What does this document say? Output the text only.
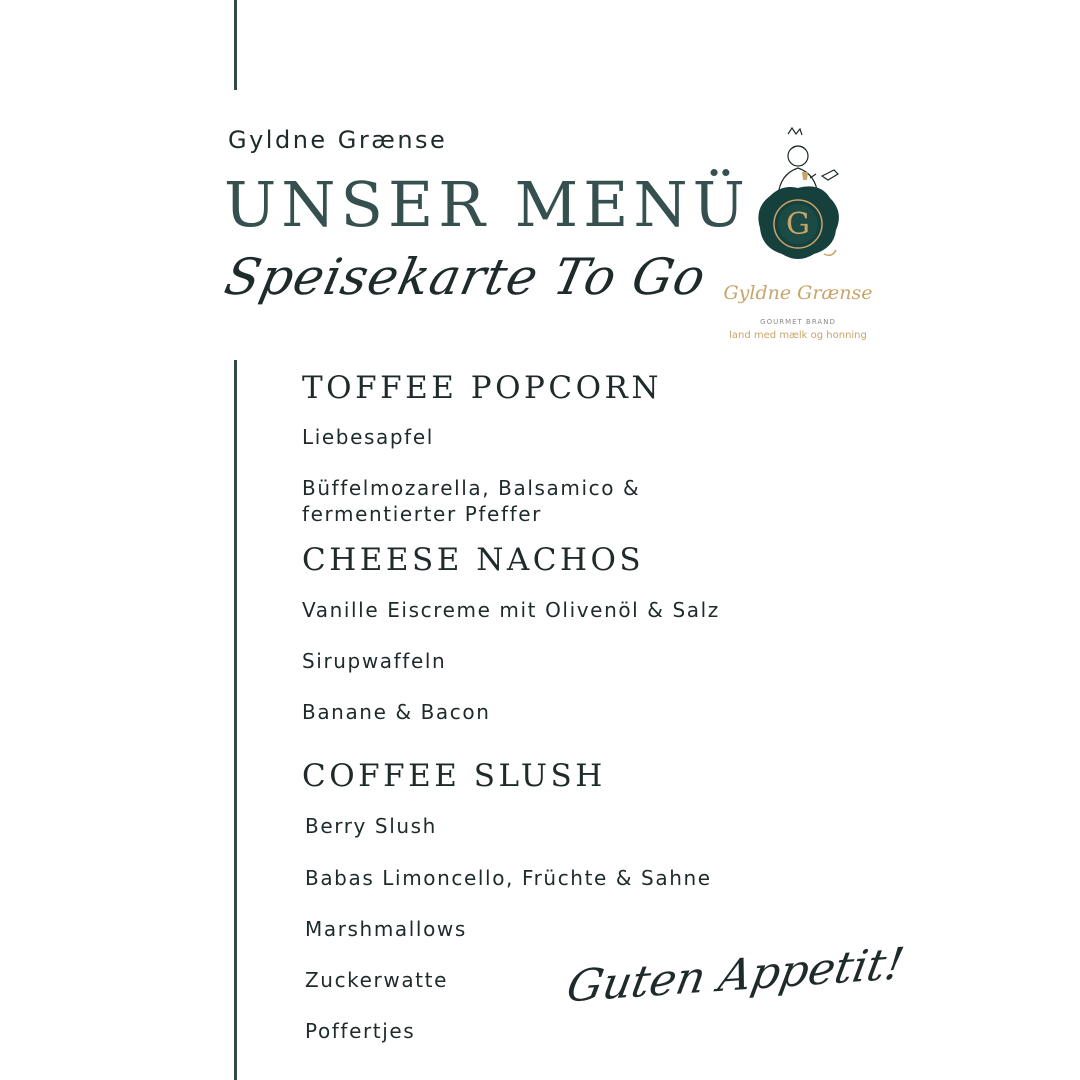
Gyldne Grænse
UNSER MENÜ
Speisekarte To Go
G
Gyldne Grænse
GOURMET BRAND
land med mælk og honning
TOFFEE POPCORN
Liebesapfel
Büffelmozarella, Balsamico & fermentierter Pfeffer
CHEESE NACHOS
Vanille Eiscreme mit Olivenöl & Salz
Sirupwaffeln
Banane & Bacon
COFFEE SLUSH
Berry Slush
Babas Limoncello, Früchte & Sahne
Marshmallows
Zuckerwatte
Poffertjes
Guten Appetit!
